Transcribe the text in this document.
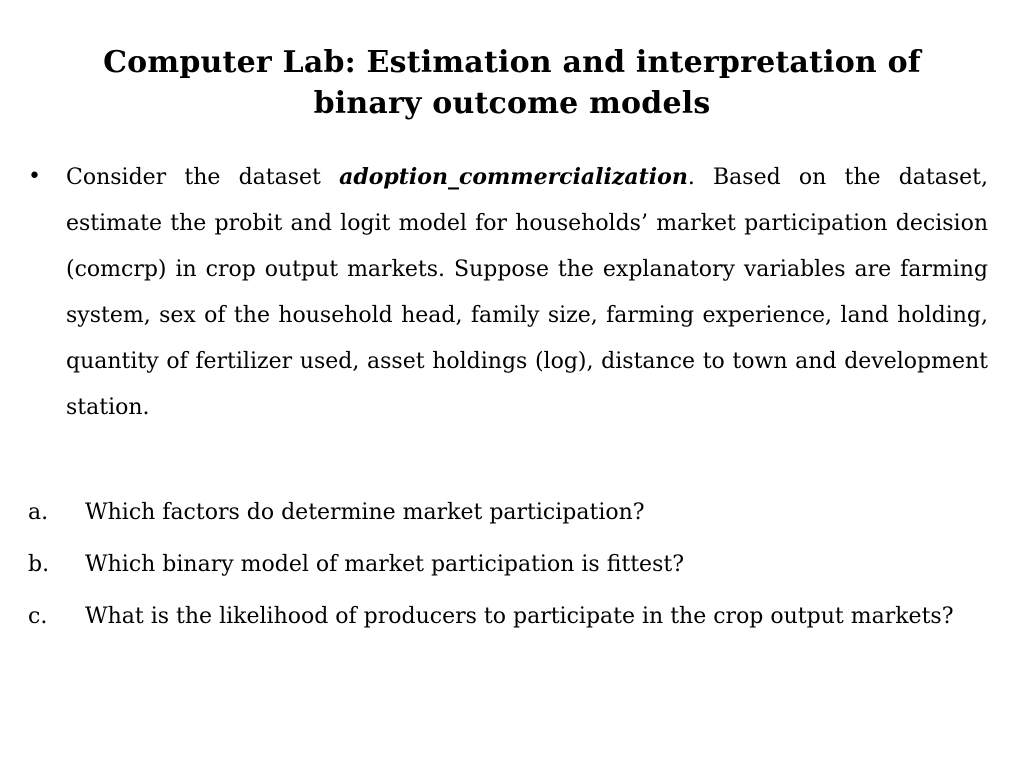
Computer Lab: Estimation and interpretation of binary outcome models
• Consider the dataset adoption_commercialization. Based on the dataset, estimate the probit and logit model for households’ market participation decision (comcrp) in crop output markets. Suppose the explanatory variables are farming system, sex of the household head, family size, farming experience, land holding, quantity of fertilizer used, asset holdings (log), distance to town and development station.
a. Which factors do determine market participation?
b. Which binary model of market participation is fittest?
c. What is the likelihood of producers to participate in the crop output markets?
